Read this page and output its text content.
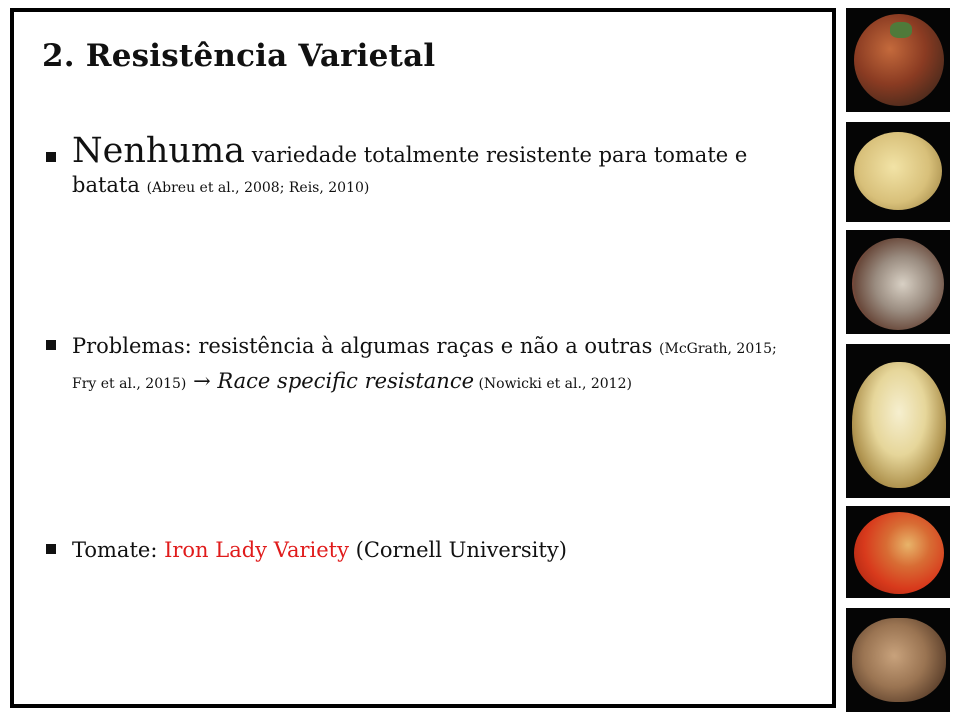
2. Resistência Varietal
Nenhuma variedade totalmente resistente para tomate e batata (Abreu et al., 2008; Reis, 2010)
Problemas: resistência à algumas raças e não a outras (McGrath, 2015; Fry et al., 2015) → Race specific resistance (Nowicki et al., 2012)
Tomate: Iron Lady Variety (Cornell University)
